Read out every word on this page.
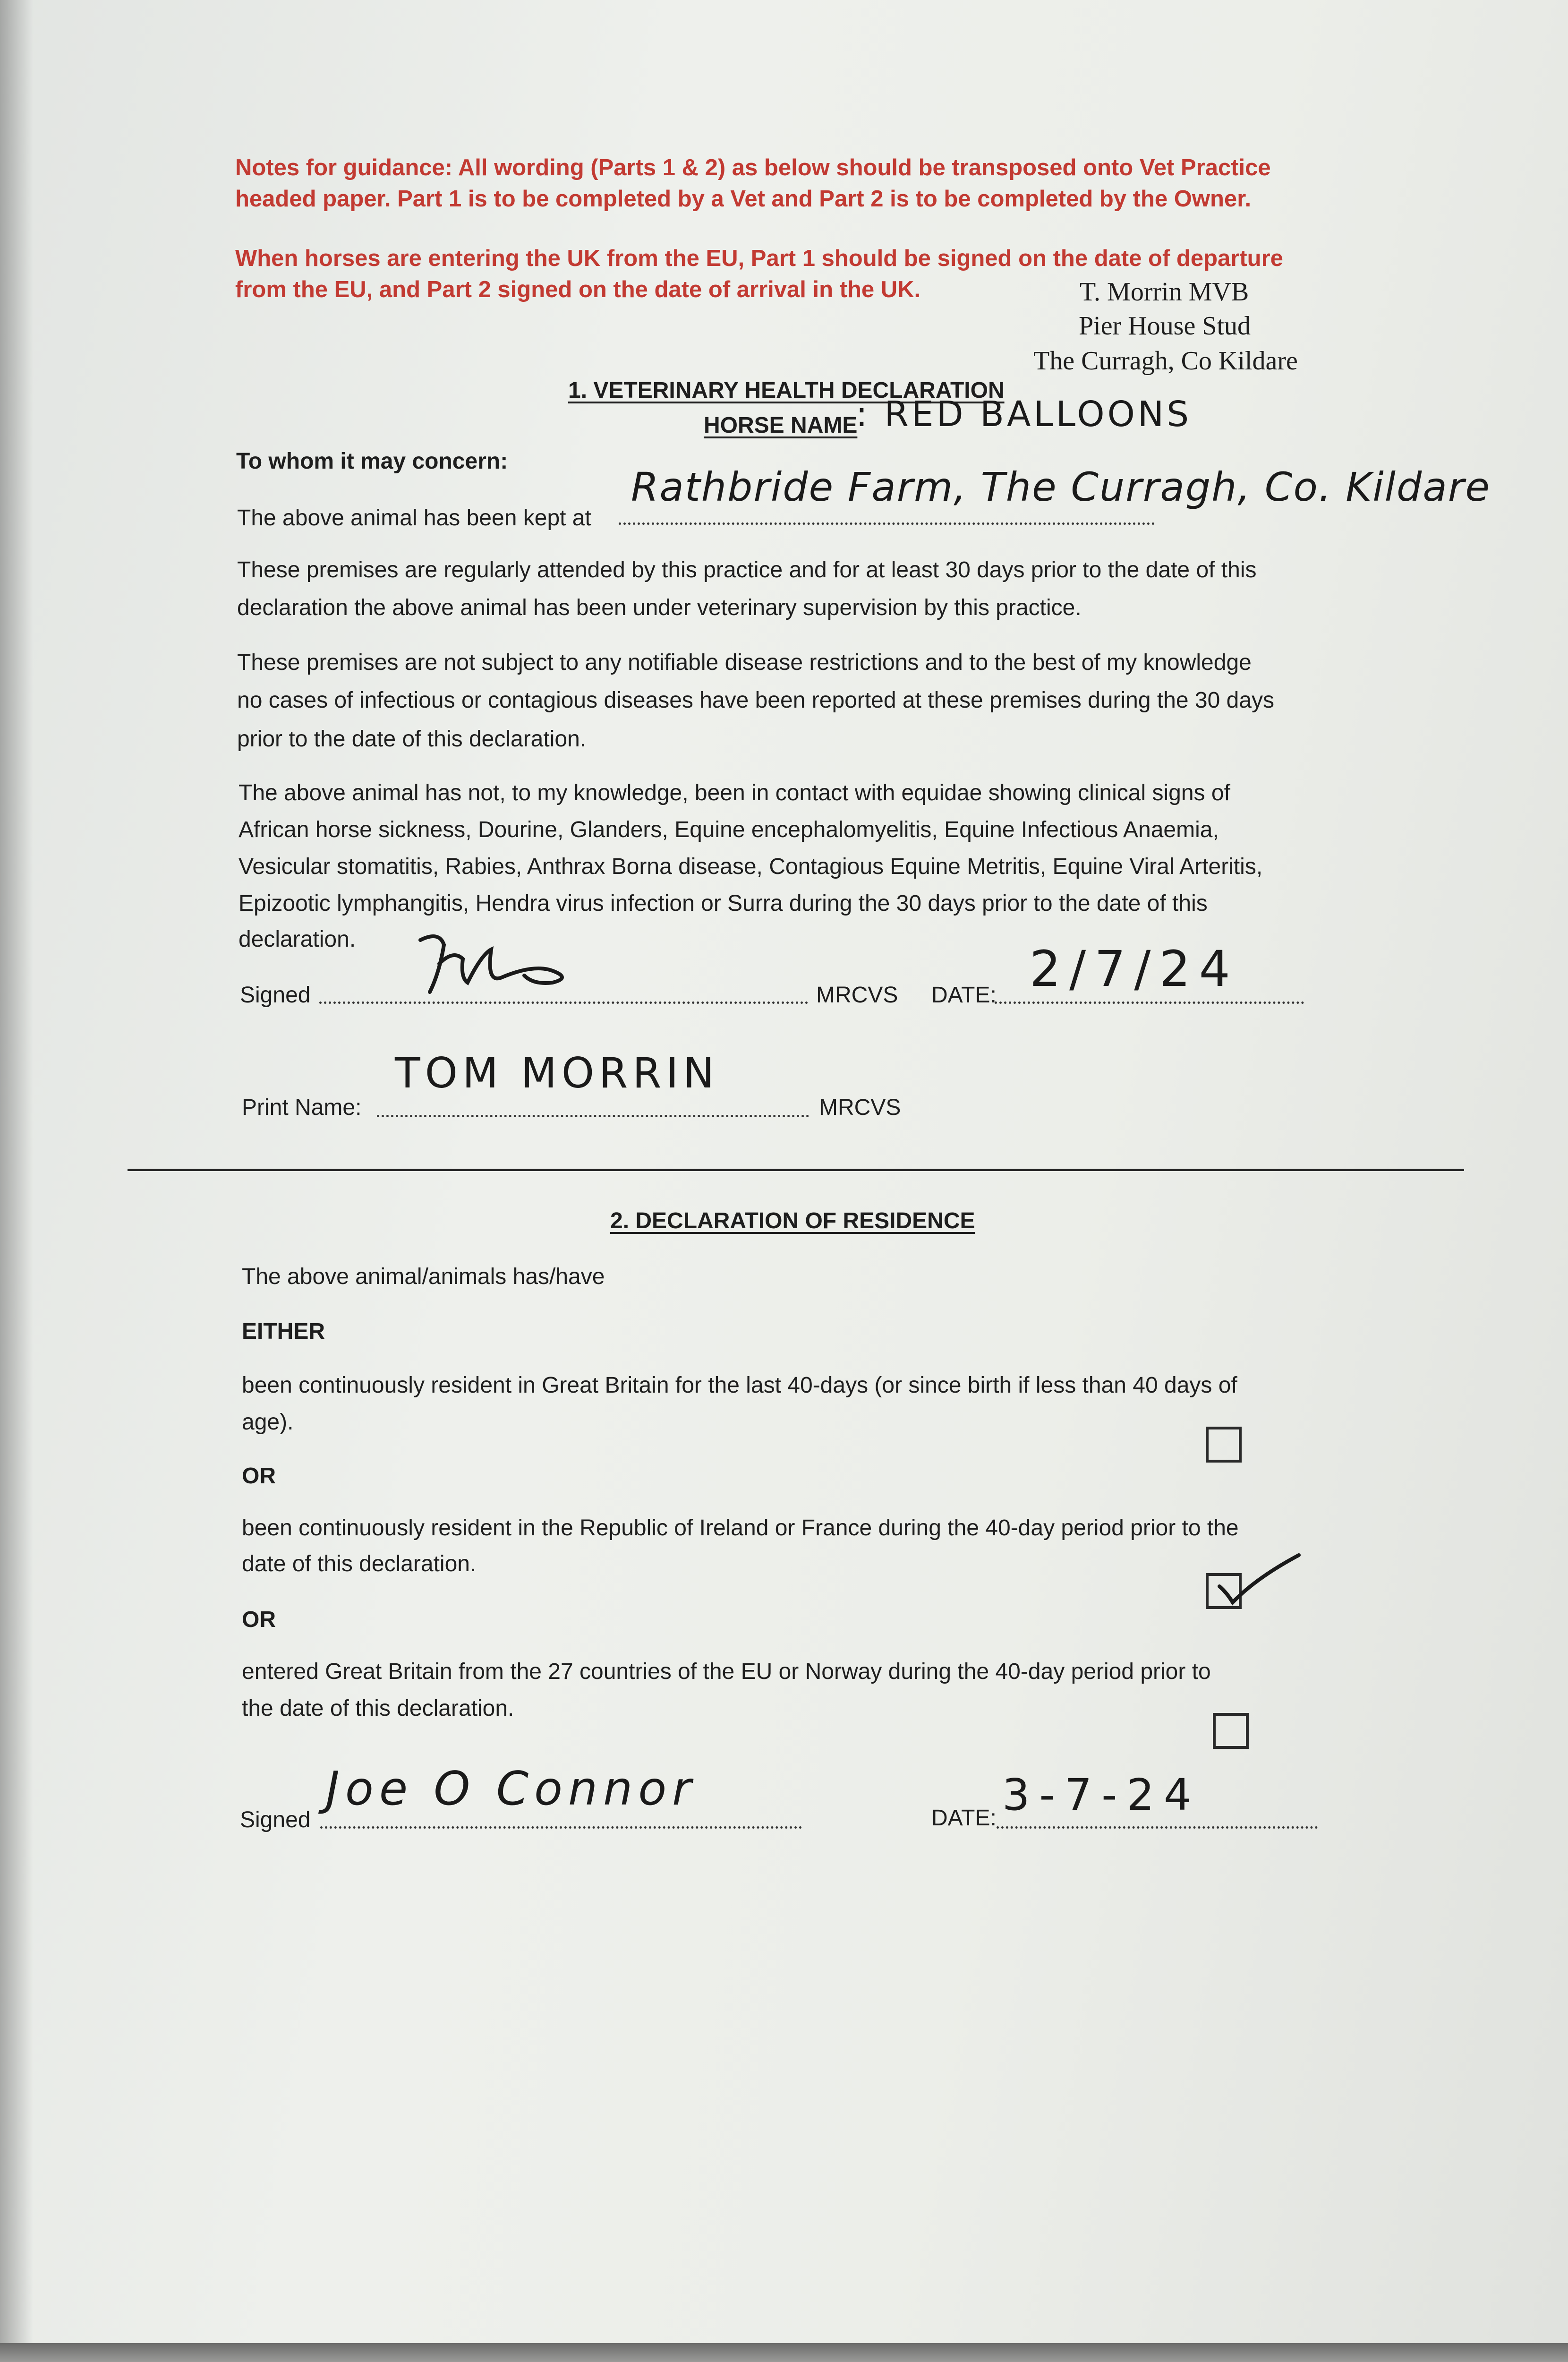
Notes for guidance: All wording (Parts 1 & 2) as below should be transposed onto Vet Practice
headed paper. Part 1 is to be completed by a Vet and Part 2 is to be completed by the Owner.
When horses are entering the UK from the EU, Part 1 should be signed on the date of departure
from the EU, and Part 2 signed on the date of arrival in the UK.	T. Morrin MVB
Pier House Stud
The Curragh, Co Kildare
1. VETERINARY HEALTH DECLARATION
HORSE NAME
: RED BALLOONS
To whom it may concern:
The above animal has been kept at
Rathbride Farm, The Curragh, Co. Kildare
These premises are regularly attended by this practice and for at least 30 days prior to the date of this
declaration the above animal has been under veterinary supervision by this practice.
These premises are not subject to any notifiable disease restrictions and to the best of my knowledge
no cases of infectious or contagious diseases have been reported at these premises during the 30 days
prior to the date of this declaration.
The above animal has not, to my knowledge, been in contact with equidae showing clinical signs of
African horse sickness, Dourine, Glanders, Equine encephalomyelitis, Equine Infectious Anaemia,
Vesicular stomatitis, Rabies, Anthrax Borna disease, Contagious Equine Metritis, Equine Viral Arteritis,
Epizootic lymphangitis, Hendra virus infection or Surra during the 30 days prior to the date of this
declaration.
Signed	MRCVS DATE: 2/7/24
Print Name:
TOM MORRIN
MRCVS
2. DECLARATION OF RESIDENCE
The above animal/animals has/have
EITHER
been continuously resident in Great Britain for the last 40-days (or since birth if less than 40 days of
age).
OR
been continuously resident in the Republic of Ireland or France during the 40-day period prior to the
date of this declaration.
OR
entered Great Britain from the 27 countries of the EU or Norway during the 40-day period prior to
the date of this declaration.
Signed
Joe O Connor
DATE: 3-7-24
